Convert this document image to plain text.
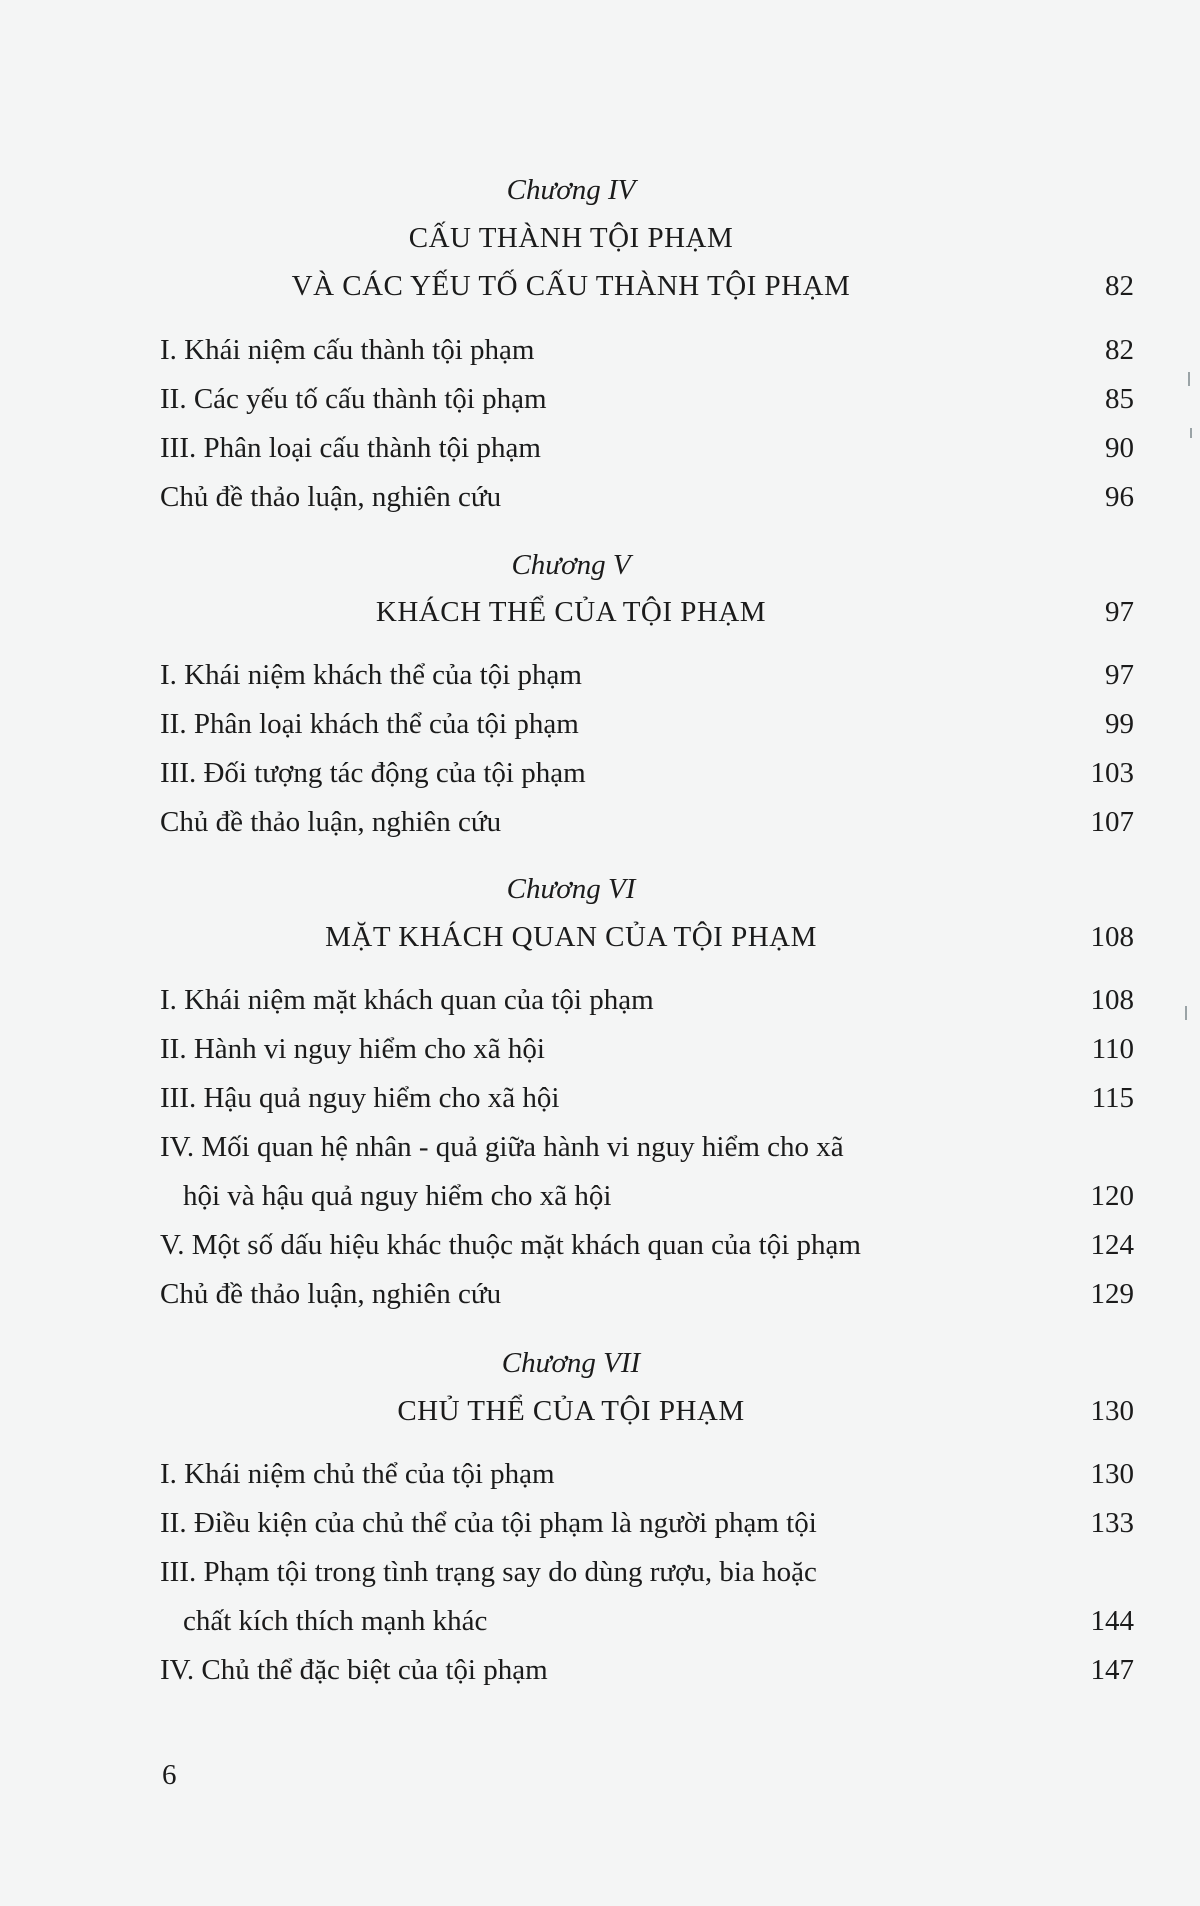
Chương IV
CẤU THÀNH TỘI PHẠM
VÀ CÁC YẾU TỐ CẤU THÀNH TỘI PHẠM	82
I. Khái niệm cấu thành tội phạm	82
II. Các yếu tố cấu thành tội phạm	85
III. Phân loại cấu thành tội phạm	90
Chủ đề thảo luận, nghiên cứu	96
Chương V
KHÁCH THỂ CỦA TỘI PHẠM	97
I. Khái niệm khách thể của tội phạm	97
II. Phân loại khách thể của tội phạm	99
III. Đối tượng tác động của tội phạm	103
Chủ đề thảo luận, nghiên cứu	107
Chương VI
MẶT KHÁCH QUAN CỦA TỘI PHẠM	108
I. Khái niệm mặt khách quan của tội phạm	108
II. Hành vi nguy hiểm cho xã hội	110
III. Hậu quả nguy hiểm cho xã hội	115
IV. Mối quan hệ nhân - quả giữa hành vi nguy hiểm cho xã
hội và hậu quả nguy hiểm cho xã hội	120
V. Một số dấu hiệu khác thuộc mặt khách quan của tội phạm	124
Chủ đề thảo luận, nghiên cứu	129
Chương VII
CHỦ THỂ CỦA TỘI PHẠM	130
I. Khái niệm chủ thể của tội phạm	130
II. Điều kiện của chủ thể của tội phạm là người phạm tội	133
III. Phạm tội trong tình trạng say do dùng rượu, bia hoặc
chất kích thích mạnh khác	144
IV. Chủ thể đặc biệt của tội phạm	147
6
